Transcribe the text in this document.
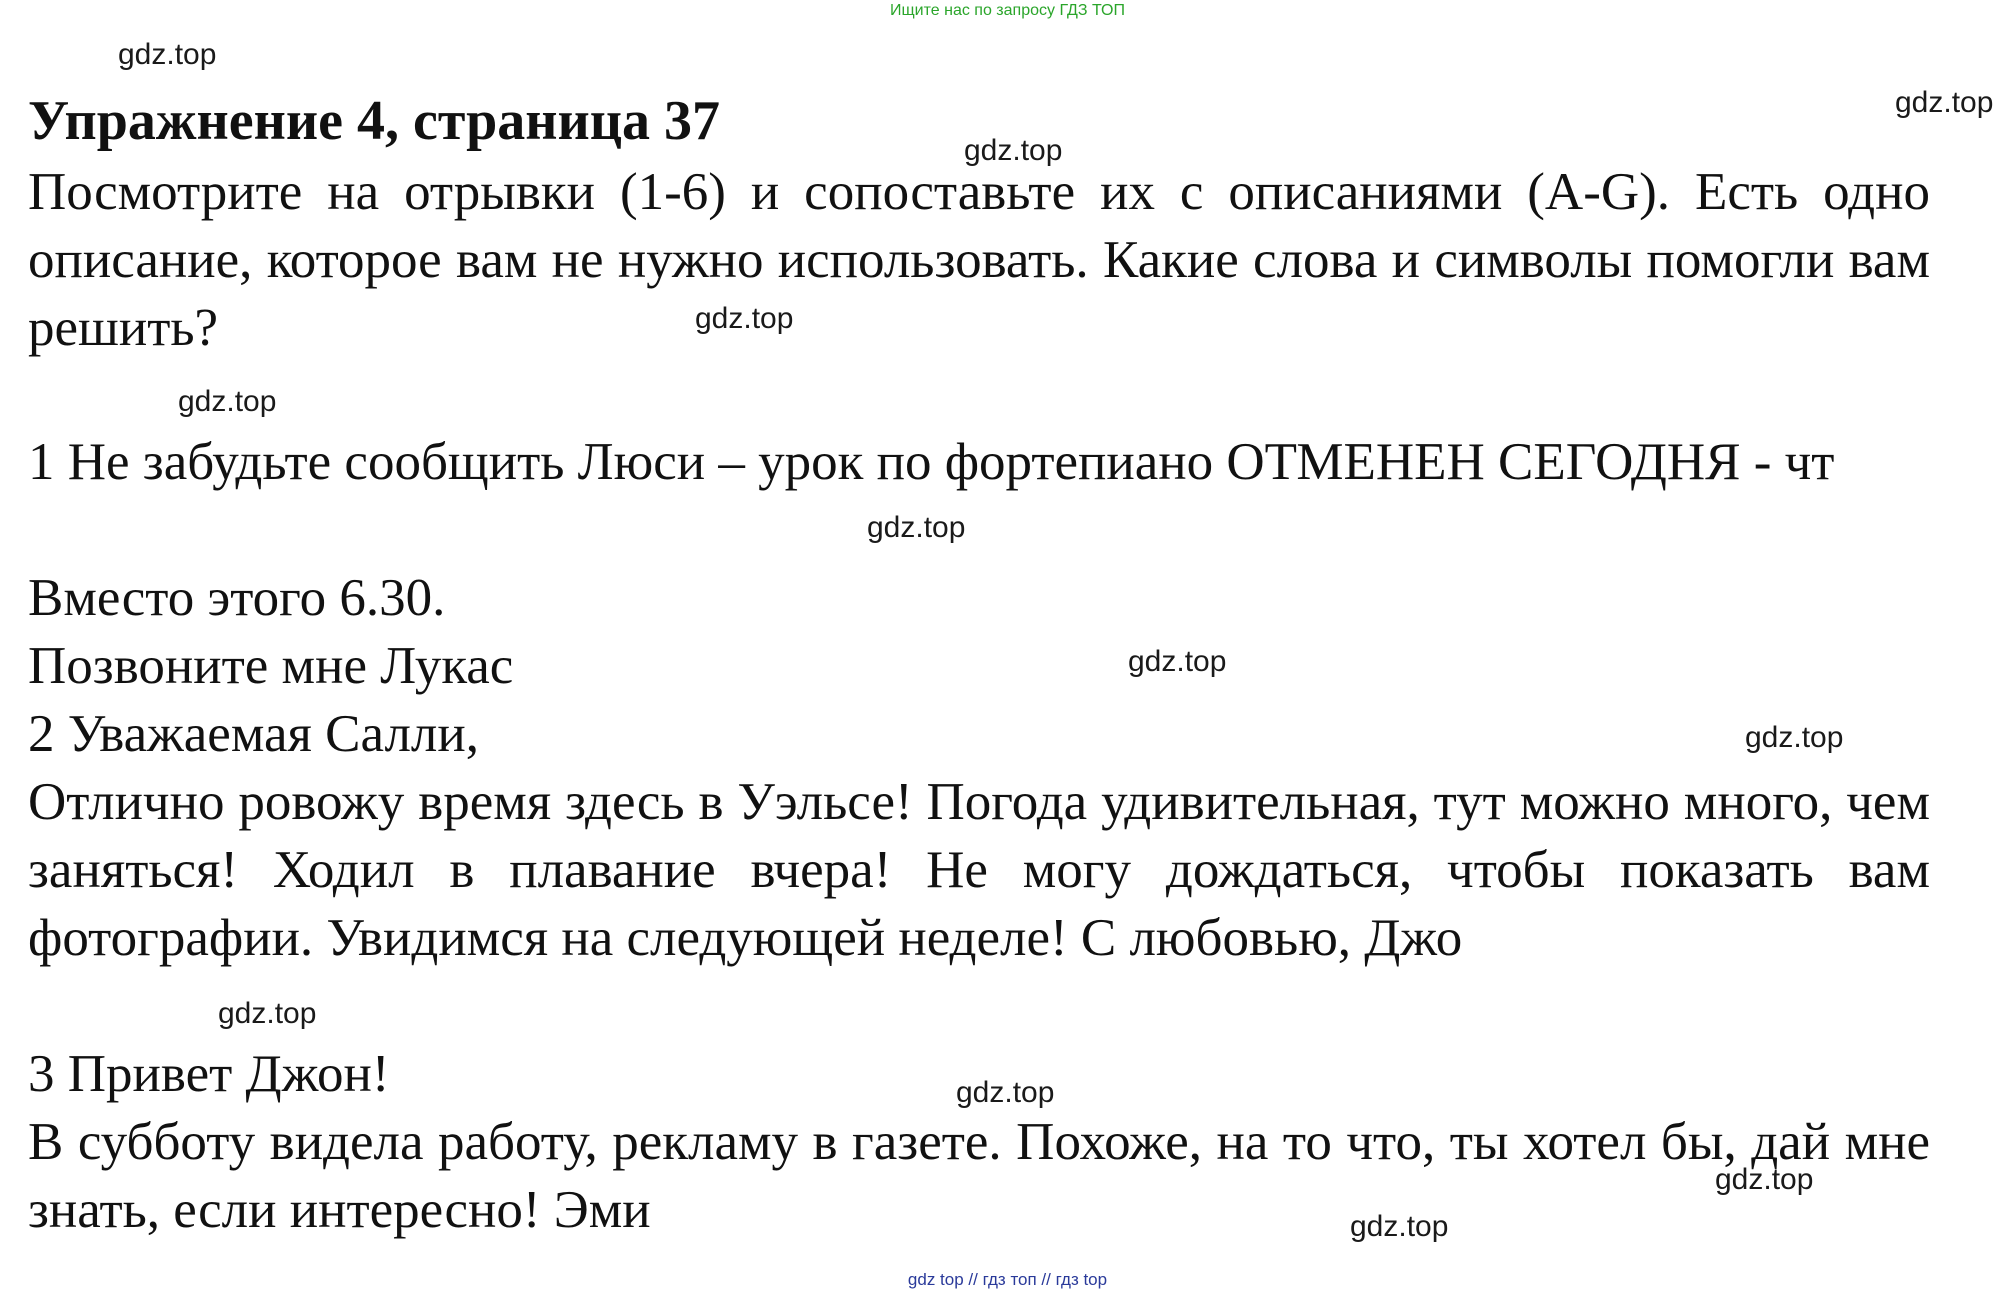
Ищите нас по запросу ГДЗ ТОП
Упражнение 4, страница 37

Посмотрите на отрывки (1-6) и сопоставьте их с описаниями (A-G). Есть одно описание, которое вам не нужно использовать. Какие слова и символы помогли вам решить?

1 Не забудьте сообщить Люси – урок по фортепиано ОТМЕНЕН СЕГОДНЯ - чт

Вместо этого 6.30.

Позвоните мне Лукас

2 Уважаемая Салли,

Отлично ровожу время здесь в Уэльсе! Погода удивительная, тут можно много, чем заняться! Ходил в плавание вчера! Не могу дождаться, чтобы показать вам фотографии. Увидимся на следующей неделе! С любовью, Джо

3 Привет Джон!

В субботу видела работу, рекламу в газете. Похоже, на то что, ты хотел бы, дай мне знать, если интересно! Эми

gdz.top
gdz.top
gdz.top
gdz.top
gdz.top
gdz.top
gdz.top
gdz.top
gdz.top
gdz.top
gdz.top
gdz.top
gdz top // гдз топ // гдз top
